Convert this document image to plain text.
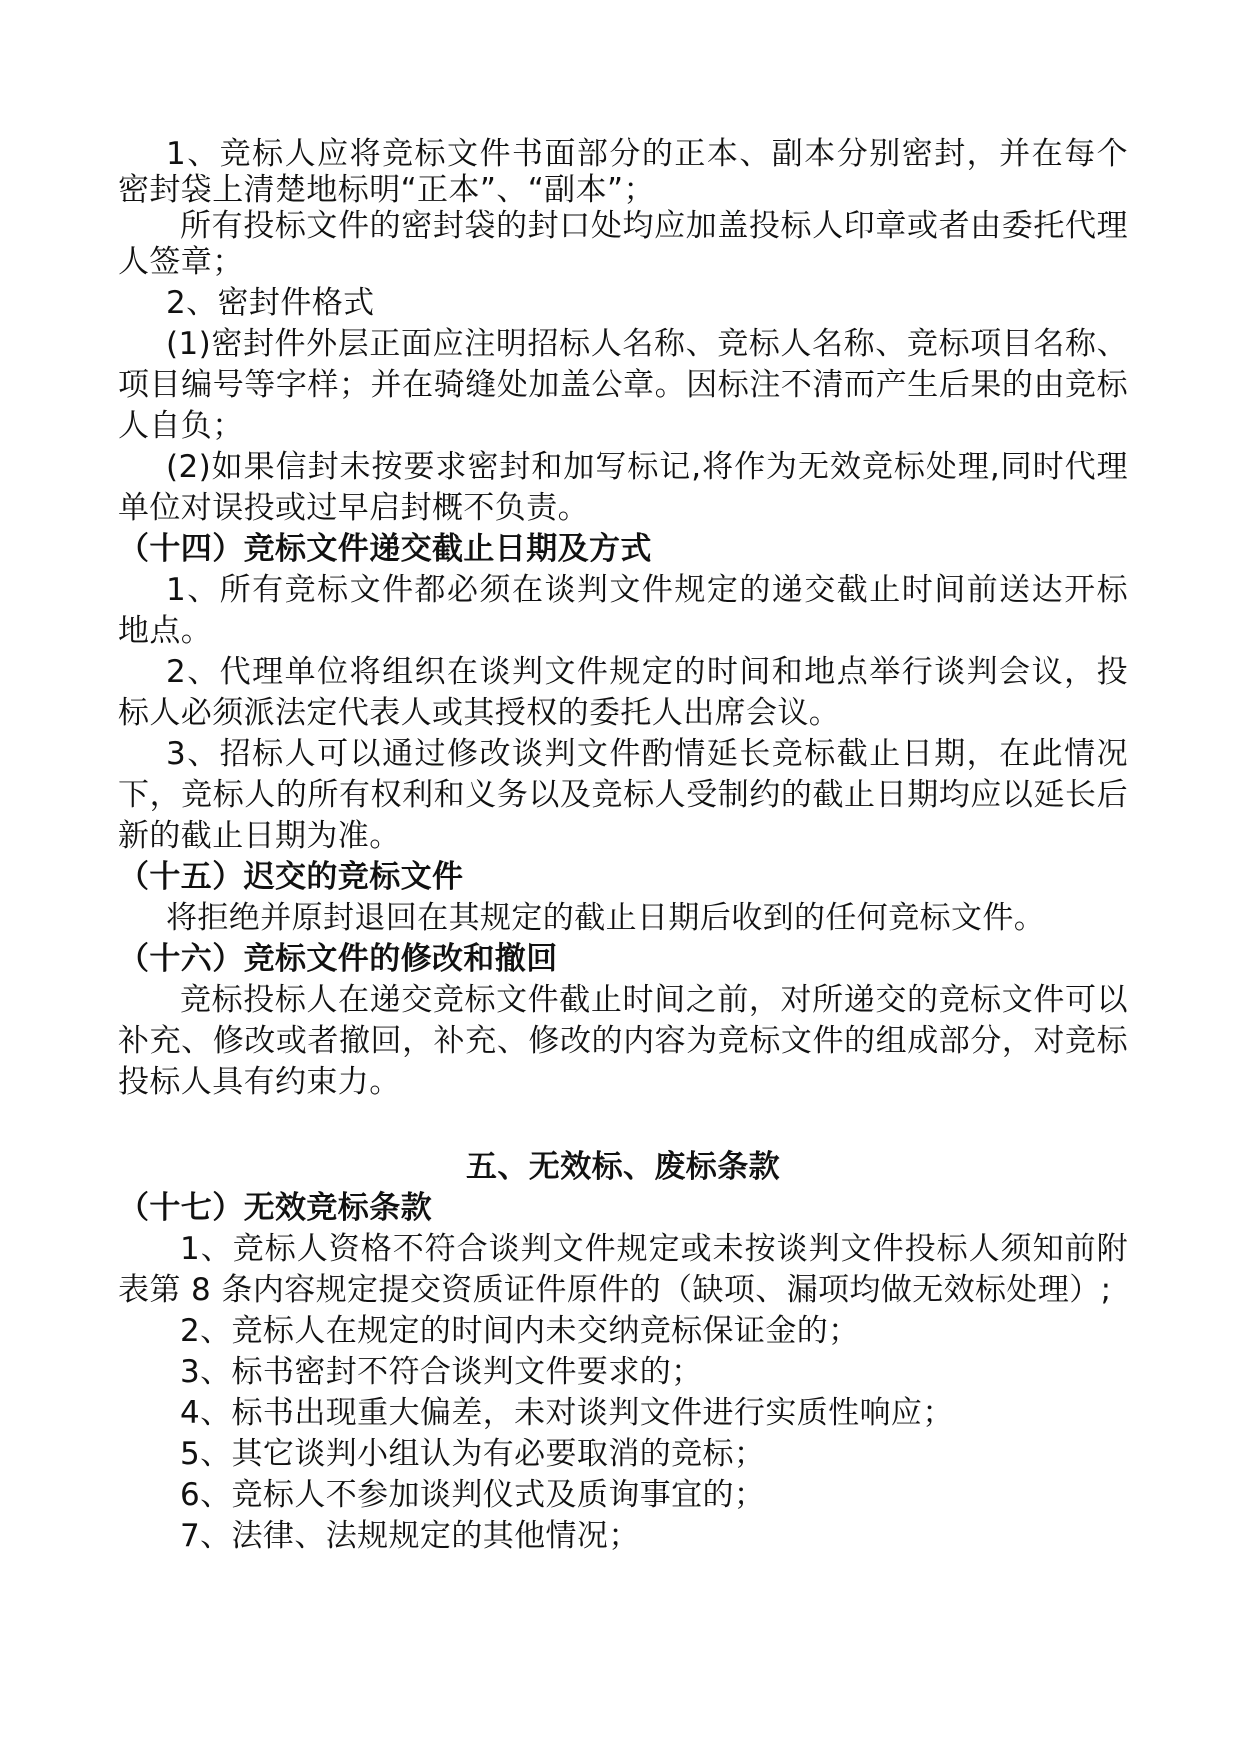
1、竞标人应将竞标文件书面部分的正本、副本分别密封，并在每个密封袋上清楚地标明“正本”、“副本”；

所有投标文件的密封袋的封口处均应加盖投标人印章或者由委托代理人签章；

2、密封件格式

(1)密封件外层正面应注明招标人名称、竞标人名称、竞标项目名称、项目编号等字样；并在骑缝处加盖公章。因标注不清而产生后果的由竞标人自负；

(2)如果信封未按要求密封和加写标记,将作为无效竞标处理,同时代理单位对误投或过早启封概不负责。

（十四）竞标文件递交截止日期及方式

1、所有竞标文件都必须在谈判文件规定的递交截止时间前送达开标地点。

2、代理单位将组织在谈判文件规定的时间和地点举行谈判会议，投标人必须派法定代表人或其授权的委托人出席会议。

3、招标人可以通过修改谈判文件酌情延长竞标截止日期，在此情况下，竞标人的所有权利和义务以及竞标人受制约的截止日期均应以延长后新的截止日期为准。

（十五）迟交的竞标文件

将拒绝并原封退回在其规定的截止日期后收到的任何竞标文件。

（十六）竞标文件的修改和撤回

竞标投标人在递交竞标文件截止时间之前，对所递交的竞标文件可以补充、修改或者撤回，补充、修改的内容为竞标文件的组成部分，对竞标投标人具有约束力。

五、无效标、废标条款

（十七）无效竞标条款

1、竞标人资格不符合谈判文件规定或未按谈判文件投标人须知前附表第 8 条内容规定提交资质证件原件的（缺项、漏项均做无效标处理）;

2、竞标人在规定的时间内未交纳竞标保证金的；

3、标书密封不符合谈判文件要求的；

4、标书出现重大偏差，未对谈判文件进行实质性响应；

5、其它谈判小组认为有必要取消的竞标；

6、竞标人不参加谈判仪式及质询事宜的；

7、法律、法规规定的其他情况；
